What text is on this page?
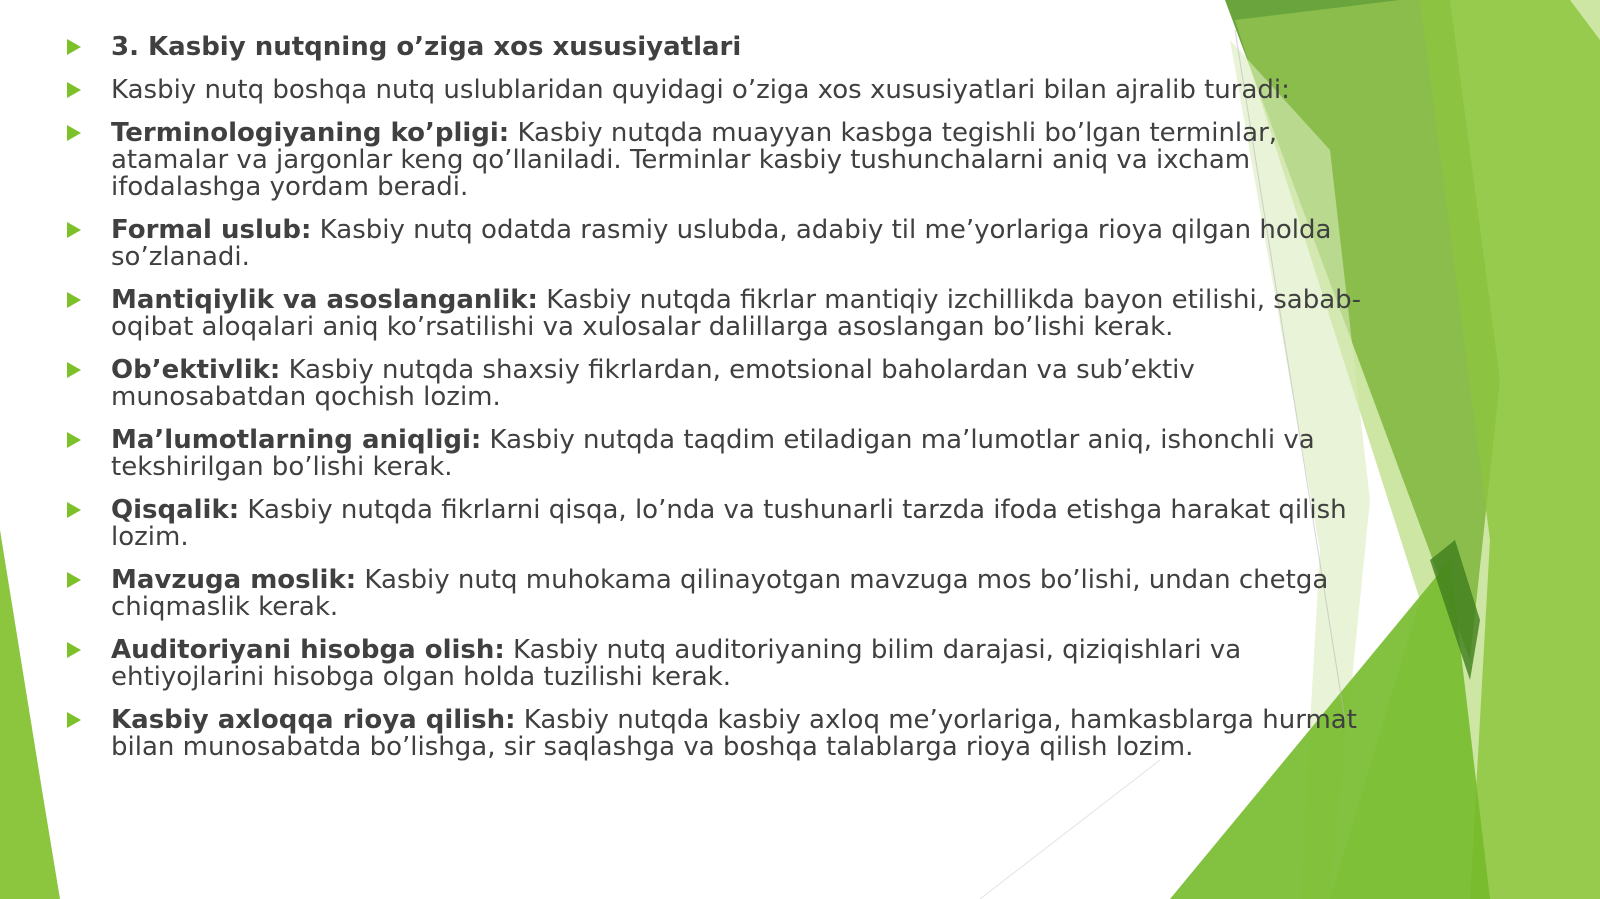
3. Kasbiy nutqning o’ziga xos xususiyatlari
Kasbiy nutq boshqa nutq uslublaridan quyidagi o’ziga xos xususiyatlari bilan ajralib turadi:
Terminologiyaning ko’pligi: Kasbiy nutqda muayyan kasbga tegishli bo’lgan terminlar, atamalar va jargonlar keng qo’llaniladi. Terminlar kasbiy tushunchalarni aniq va ixcham ifodalashga yordam beradi.
Formal uslub: Kasbiy nutq odatda rasmiy uslubda, adabiy til me’yorlariga rioya qilgan holda so’zlanadi.
Mantiqiylik va asoslanganlik: Kasbiy nutqda fikrlar mantiqiy izchillikda bayon etilishi, sabab-oqibat aloqalari aniq ko’rsatilishi va xulosalar dalillarga asoslangan bo’lishi kerak.
Ob’ektivlik: Kasbiy nutqda shaxsiy fikrlardan, emotsional baholardan va sub’ektiv munosabatdan qochish lozim.
Ma’lumotlarning aniqligi: Kasbiy nutqda taqdim etiladigan ma’lumotlar aniq, ishonchli va tekshirilgan bo’lishi kerak.
Qisqalik: Kasbiy nutqda fikrlarni qisqa, lo’nda va tushunarli tarzda ifoda etishga harakat qilish lozim.
Mavzuga moslik: Kasbiy nutq muhokama qilinayotgan mavzuga mos bo’lishi, undan chetga chiqmaslik kerak.
Auditoriyani hisobga olish: Kasbiy nutq auditoriyaning bilim darajasi, qiziqishlari va ehtiyojlarini hisobga olgan holda tuzilishi kerak.
Kasbiy axloqqa rioya qilish: Kasbiy nutqda kasbiy axloq me’yorlariga, hamkasblarga hurmat bilan munosabatda bo’lishga, sir saqlashga va boshqa talablarga rioya qilish lozim.
